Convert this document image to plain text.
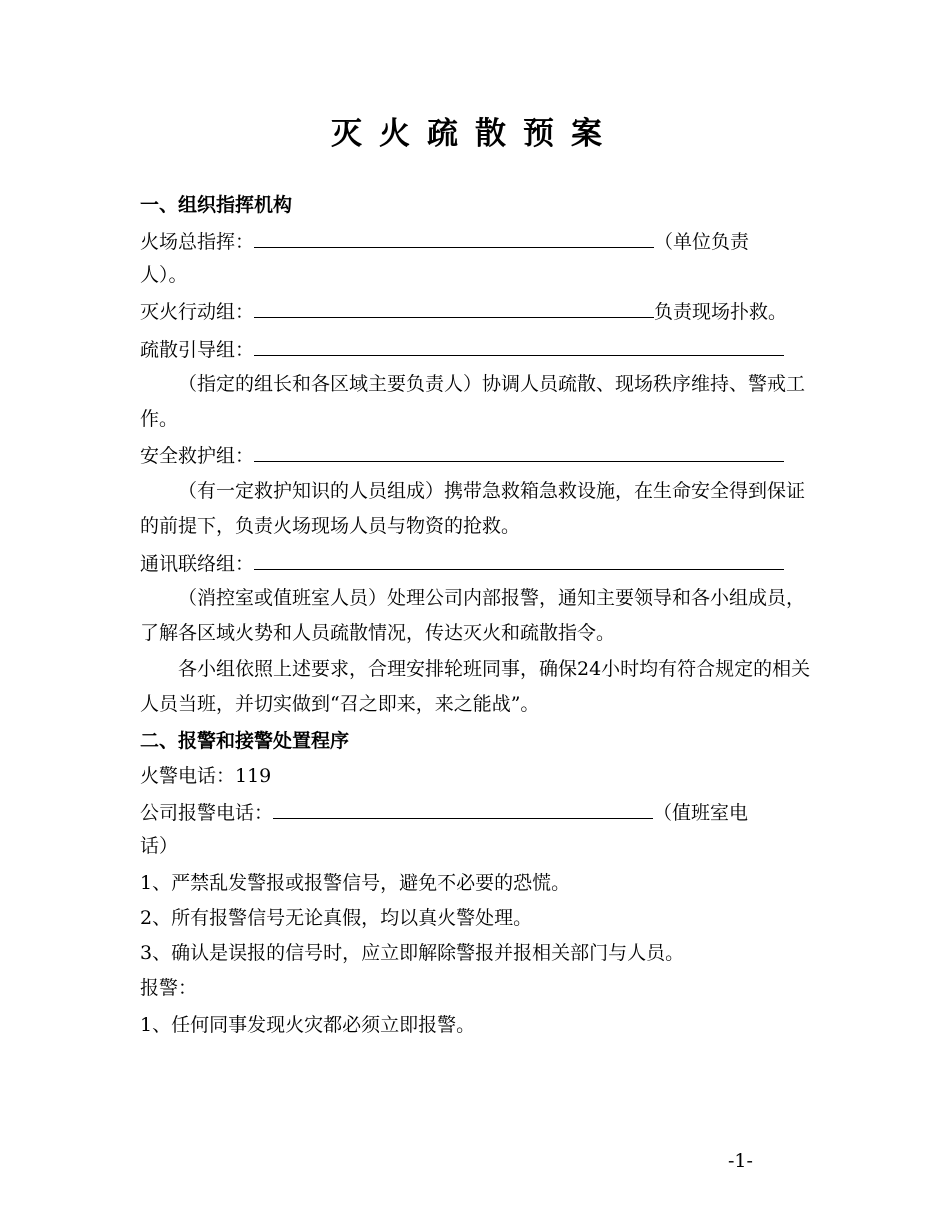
灭火疏散预案
一、组织指挥机构
火场总指挥：	（单位负责
人）。
灭火行动组：	负责现场扑救。
疏散引导组：
（指定的组长和各区域主要负责人）协调人员疏散、现场秩序维持、警戒工作。
安全救护组：
（有一定救护知识的人员组成）携带急救箱急救设施，在生命安全得到保证的前提下，负责火场现场人员与物资的抢救。
通讯联络组：
（消控室或值班室人员）处理公司内部报警，通知主要领导和各小组成员，了解各区域火势和人员疏散情况，传达灭火和疏散指令。
各小组依照上述要求，合理安排轮班同事，确保24小时均有符合规定的相关人员当班，并切实做到“召之即来，来之能战”。
二、报警和接警处置程序
火警电话：119
公司报警电话：	（值班室电
话）
1、严禁乱发警报或报警信号，避免不必要的恐慌。
2、所有报警信号无论真假，均以真火警处理。
3、确认是误报的信号时，应立即解除警报并报相关部门与人员。
报警：
1、任何同事发现火灾都必须立即报警。
-1-
